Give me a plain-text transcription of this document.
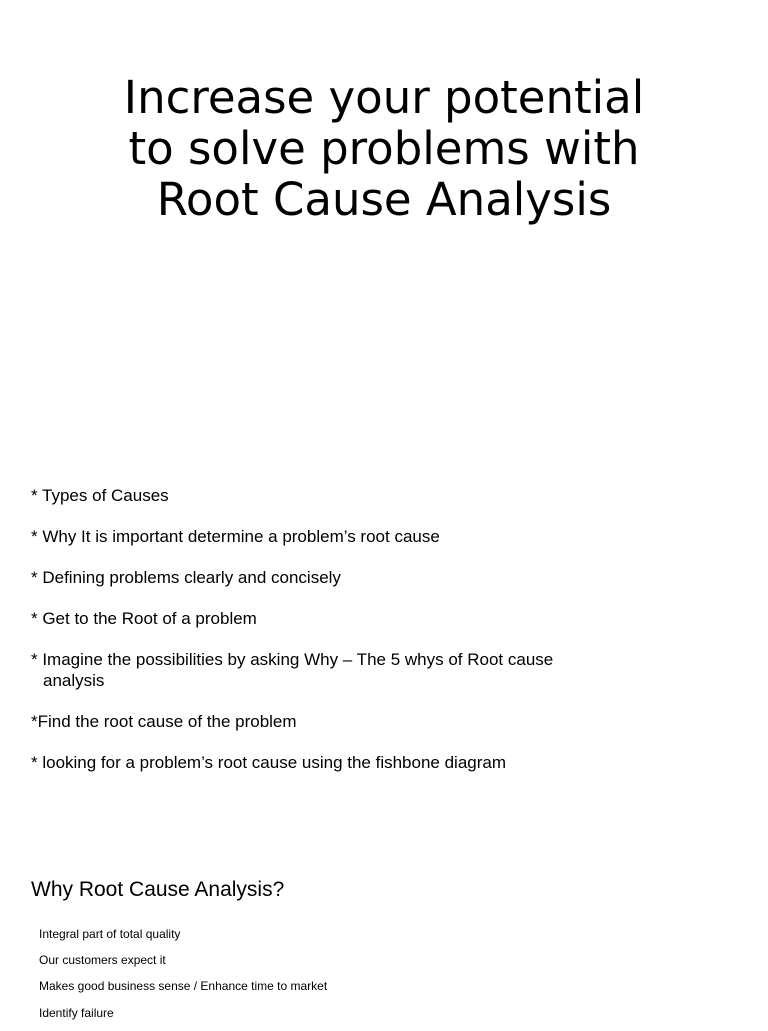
Increase your potential
to solve problems with
Root Cause Analysis
* Types of Causes
* Why It is important determine a problem’s root cause
* Defining problems clearly and concisely
* Get to the Root of a problem
* Imagine the possibilities by asking Why – The 5 whys of Root cause analysis
*Find the root cause of the problem
* looking for a problem’s root cause using the fishbone diagram
Why Root Cause Analysis?
Integral part of total quality
Our customers expect it
Makes good business sense / Enhance time to market
Identify failure
